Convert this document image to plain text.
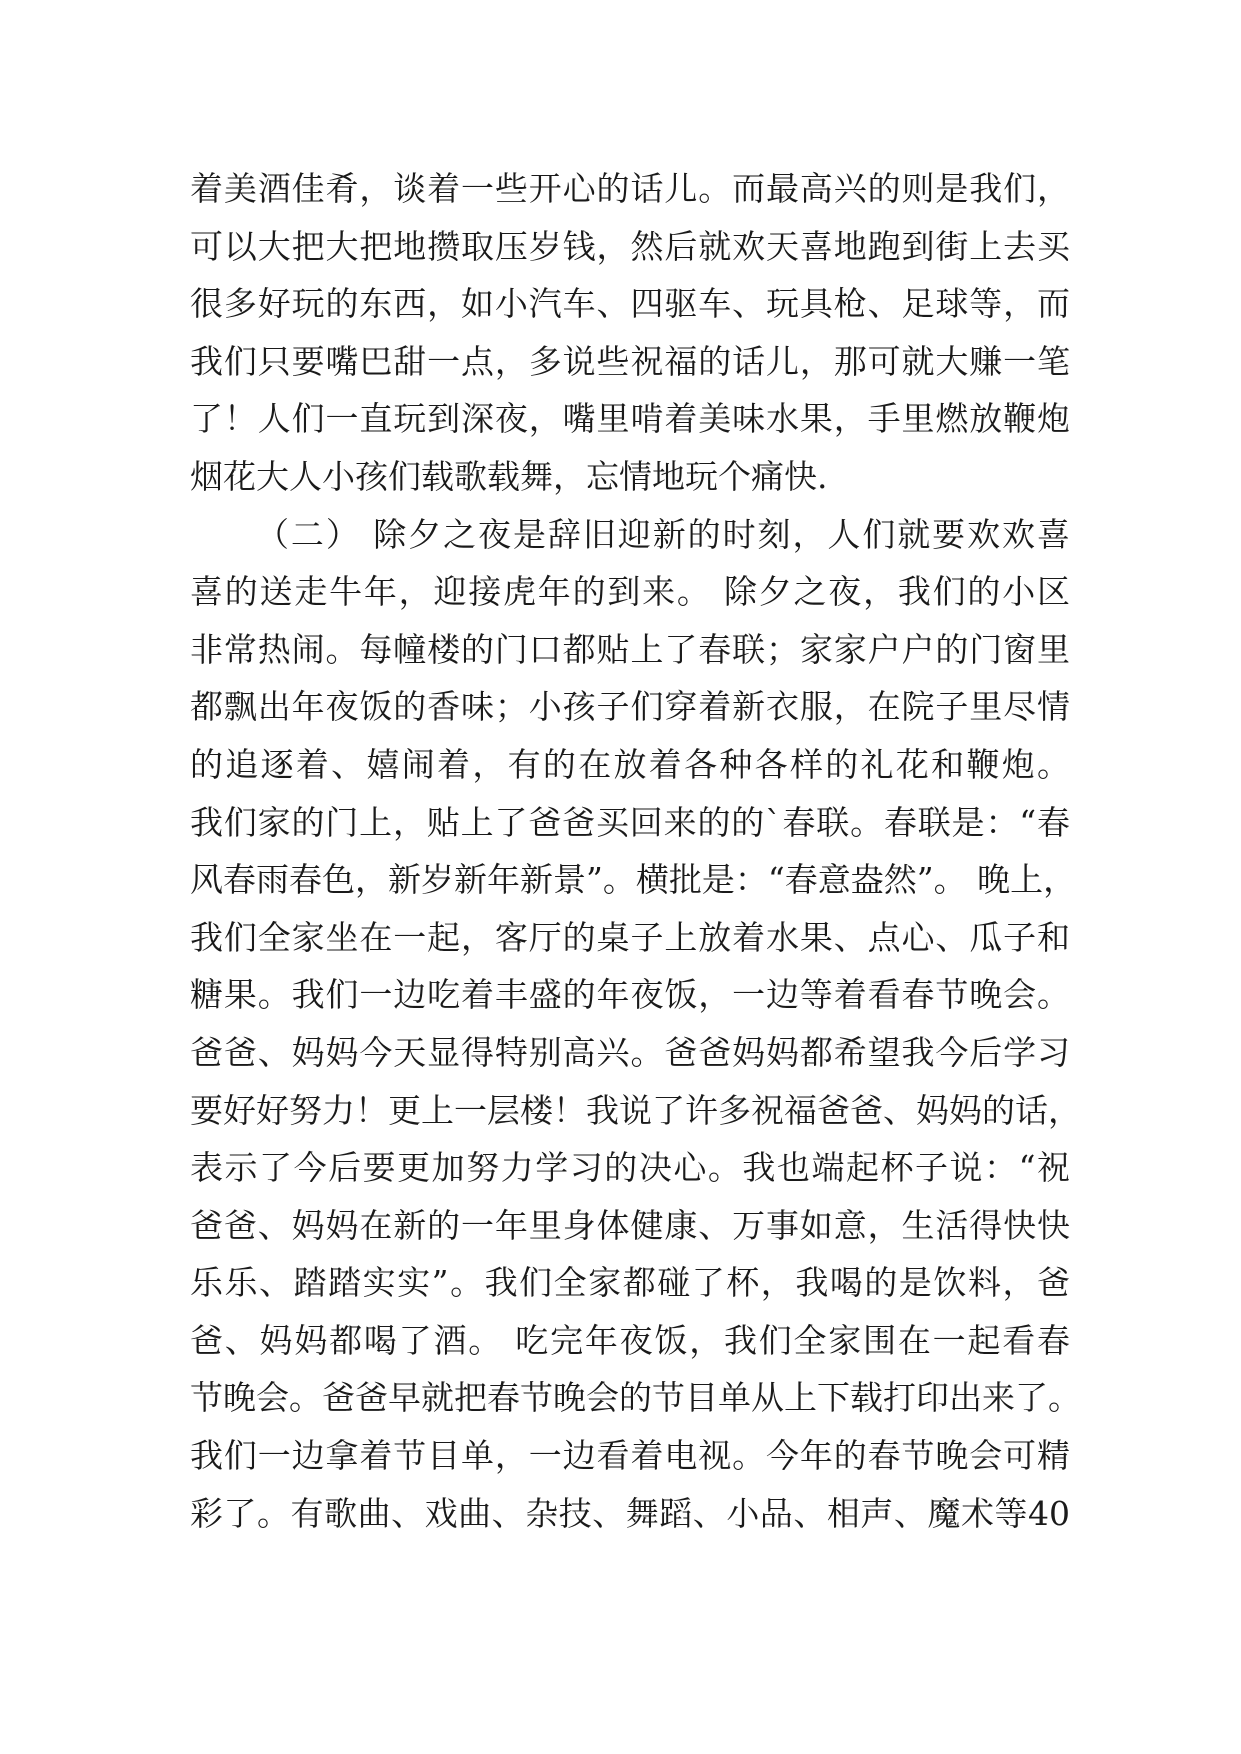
着美酒佳肴，谈着一些开心的话儿。而最高兴的则是我们，
可以大把大把地攒取压岁钱，然后就欢天喜地跑到街上去买
很多好玩的东西，如小汽车、四驱车、玩具枪、足球等，而
我们只要嘴巴甜一点，多说些祝福的话儿，那可就大赚一笔
了！人们一直玩到深夜，嘴里啃着美味水果，手里燃放鞭炮
烟花大人小孩们载歌载舞，忘情地玩个痛快.
（二） 除夕之夜是辞旧迎新的时刻，人们就要欢欢喜
喜的送走牛年，迎接虎年的到来。 除夕之夜，我们的小区
非常热闹。每幢楼的门口都贴上了春联；家家户户的门窗里
都飘出年夜饭的香味；小孩子们穿着新衣服，在院子里尽情
的追逐着、嬉闹着，有的在放着各种各样的礼花和鞭炮。
我们家的门上，贴上了爸爸买回来的的`春联。春联是：“春
风春雨春色，新岁新年新景”。横批是：“春意盎然”。 晚上，
我们全家坐在一起，客厅的桌子上放着水果、点心、瓜子和
糖果。我们一边吃着丰盛的年夜饭，一边等着看春节晚会。
爸爸、妈妈今天显得特别高兴。爸爸妈妈都希望我今后学习
要好好努力！更上一层楼！我说了许多祝福爸爸、妈妈的话，
表示了今后要更加努力学习的决心。我也端起杯子说：“祝
爸爸、妈妈在新的一年里身体健康、万事如意，生活得快快
乐乐、踏踏实实”。我们全家都碰了杯，我喝的是饮料，爸
爸、妈妈都喝了酒。 吃完年夜饭，我们全家围在一起看春
节晚会。爸爸早就把春节晚会的节目单从上下载打印出来了。
我们一边拿着节目单，一边看着电视。今年的春节晚会可精
彩了。有歌曲、戏曲、杂技、舞蹈、小品、相声、魔术等40
